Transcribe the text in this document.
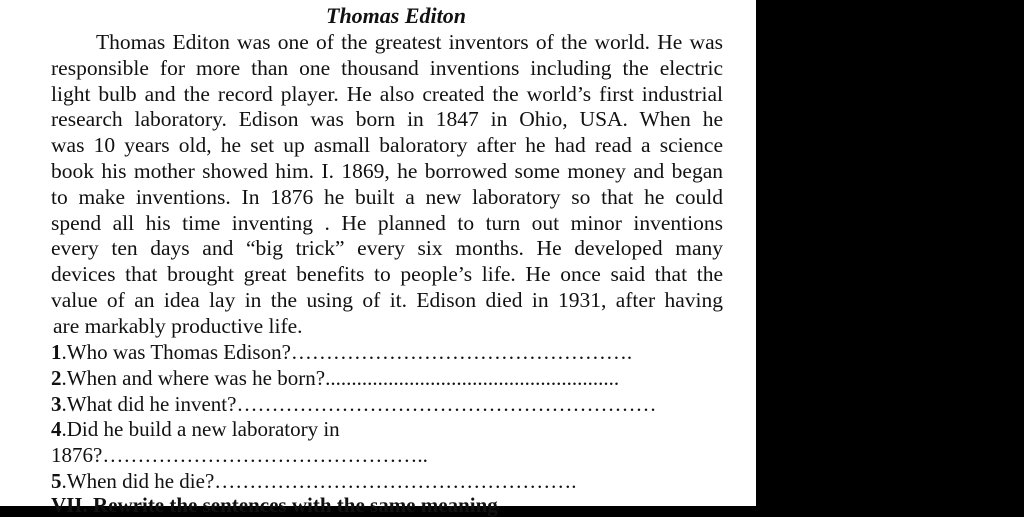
Thomas Editon
Thomas Editon was one of the greatest inventors of the world. He was
responsible for more than one thousand inventions including the electric
light bulb and the record player. He also created the world’s first industrial
research laboratory. Edison was born in 1847 in Ohio, USA. When he
was 10 years old, he set up asmall baloratory after he had read a science
book his mother showed him. I. 1869, he borrowed some money and began
to make inventions. In 1876 he built a new laboratory so that he could
spend all his time inventing . He planned to turn out minor inventions
every ten days and “big trick” every six months. He developed many
devices that brought great benefits to people’s life. He once said that the
value of an idea lay in the using of it. Edison died in 1931, after having
are markably productive life.
1.Who was Thomas Edison?………………………………………….
2.When and where was he born?........................................................
3.What did he invent?……………………………………………………
4.Did he build a new laboratory in
1876?………………………………………..
5.When did he die?…………………………………………….
VII. Rewrite the sentences with the same meaning
